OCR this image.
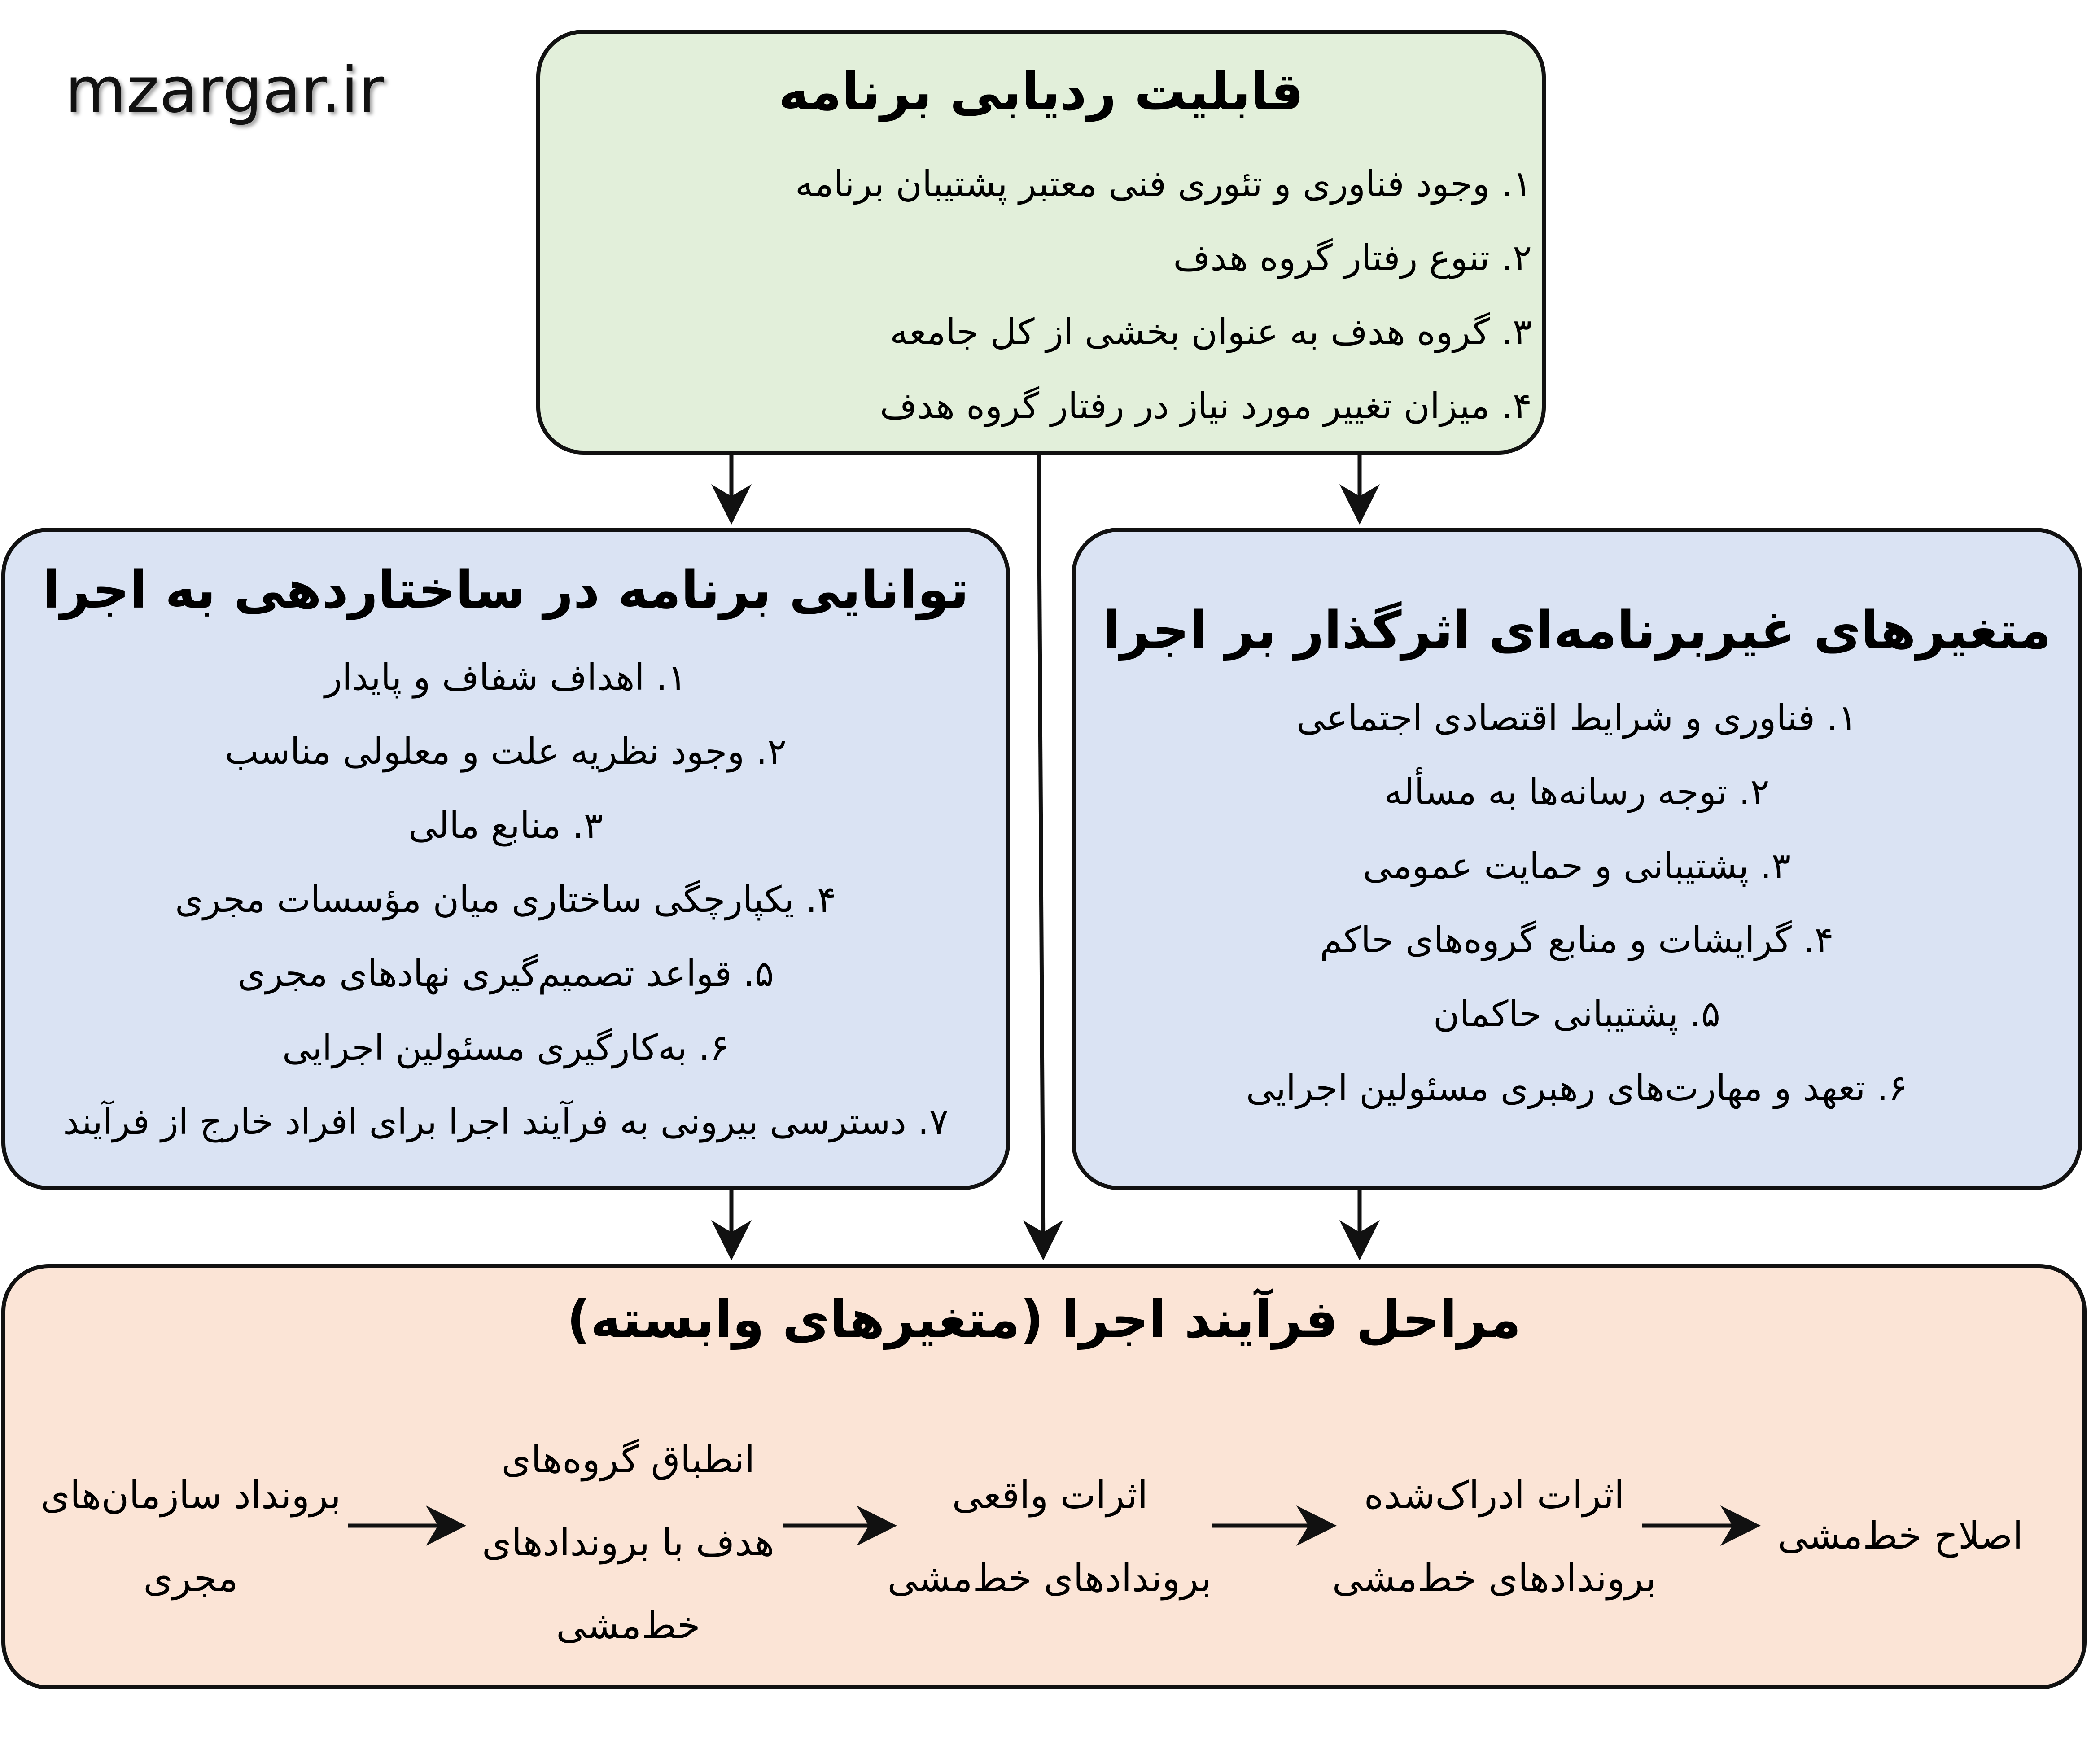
mzargar.ir	قابلیت ردیابی برنامه
۱. وجود فناوری و تئوری فنی معتبر پشتیبان برنامه
۲. تنوع رفتار گروه هدف
۳. گروه هدف به عنوان بخشی از کل جامعه
۴. میزان تغییر مورد نیاز در رفتار گروه هدف
توانایی برنامه در ساختاردهی به اجرا
۱. اهداف شفاف و پایدار
۲. وجود نظریه علت و معلولی مناسب
۳. منابع مالی
۴. یکپارچگی ساختاری میان مؤسسات مجری
۵. قواعد تصمیم‌گیری نهادهای مجری
۶. به‌کارگیری مسئولین اجرایی
۷. دسترسی بیرونی به فرآیند اجرا برای افراد خارج از فرآیند
متغیرهای غیربرنامه‌ای اثرگذار بر اجرا
۱. فناوری و شرایط اقتصادی اجتماعی
۲. توجه رسانه‌ها به مسأله
۳. پشتیبانی و حمایت عمومی
۴. گرایشات و منابع گروه‌های حاکم
۵. پشتیبانی حاکمان
۶. تعهد و مهارت‌های رهبری مسئولین اجرایی
مراحل فرآیند اجرا (متغیرهای وابسته)
برونداد سازمان‌های
مجری
انطباق گروه‌های
هدف با بروندادهای
خط‌مشی
اثرات واقعی
بروندادهای خط‌مشی
اثرات ادراک‌شده
بروندادهای خط‌مشی
اصلاح خط‌مشی
